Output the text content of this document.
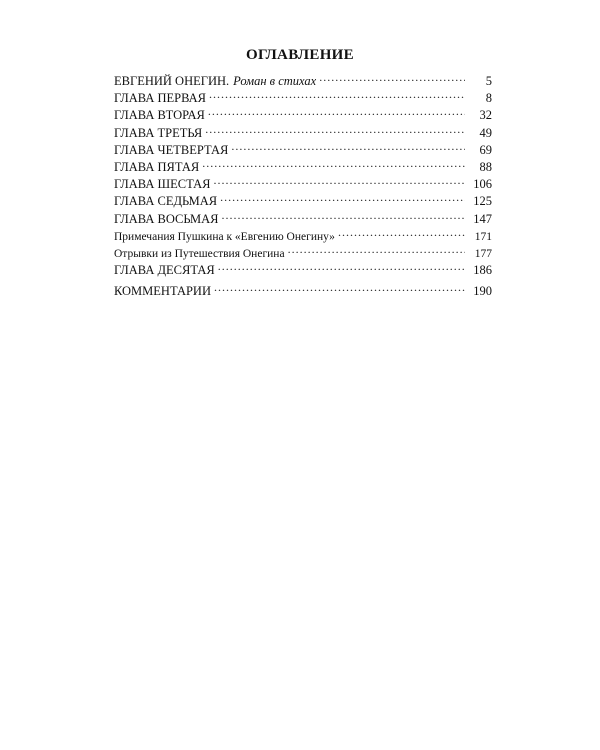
ОГЛАВЛЕНИЕ
ЕВГЕНИЙ ОНЕГИН. Роман в стихах . . .	5
ГЛАВА ПЕРВАЯ . . .	8
ГЛАВА ВТОРАЯ . . .	32
ГЛАВА ТРЕТЬЯ . . .	49
ГЛАВА ЧЕТВЕРТАЯ . . .	69
ГЛАВА ПЯТАЯ . . .	88
ГЛАВА ШЕСТАЯ . . .	106
ГЛАВА СЕДЬМАЯ . . .	125
ГЛАВА ВОСЬМАЯ . . .	147
Примечания Пушкина к «Евгению Онегину» . . .	171
Отрывки из Путешествия Онегина . . .	177
ГЛАВА ДЕСЯТАЯ . . .	186
КОММЕНТАРИИ . . .	190
